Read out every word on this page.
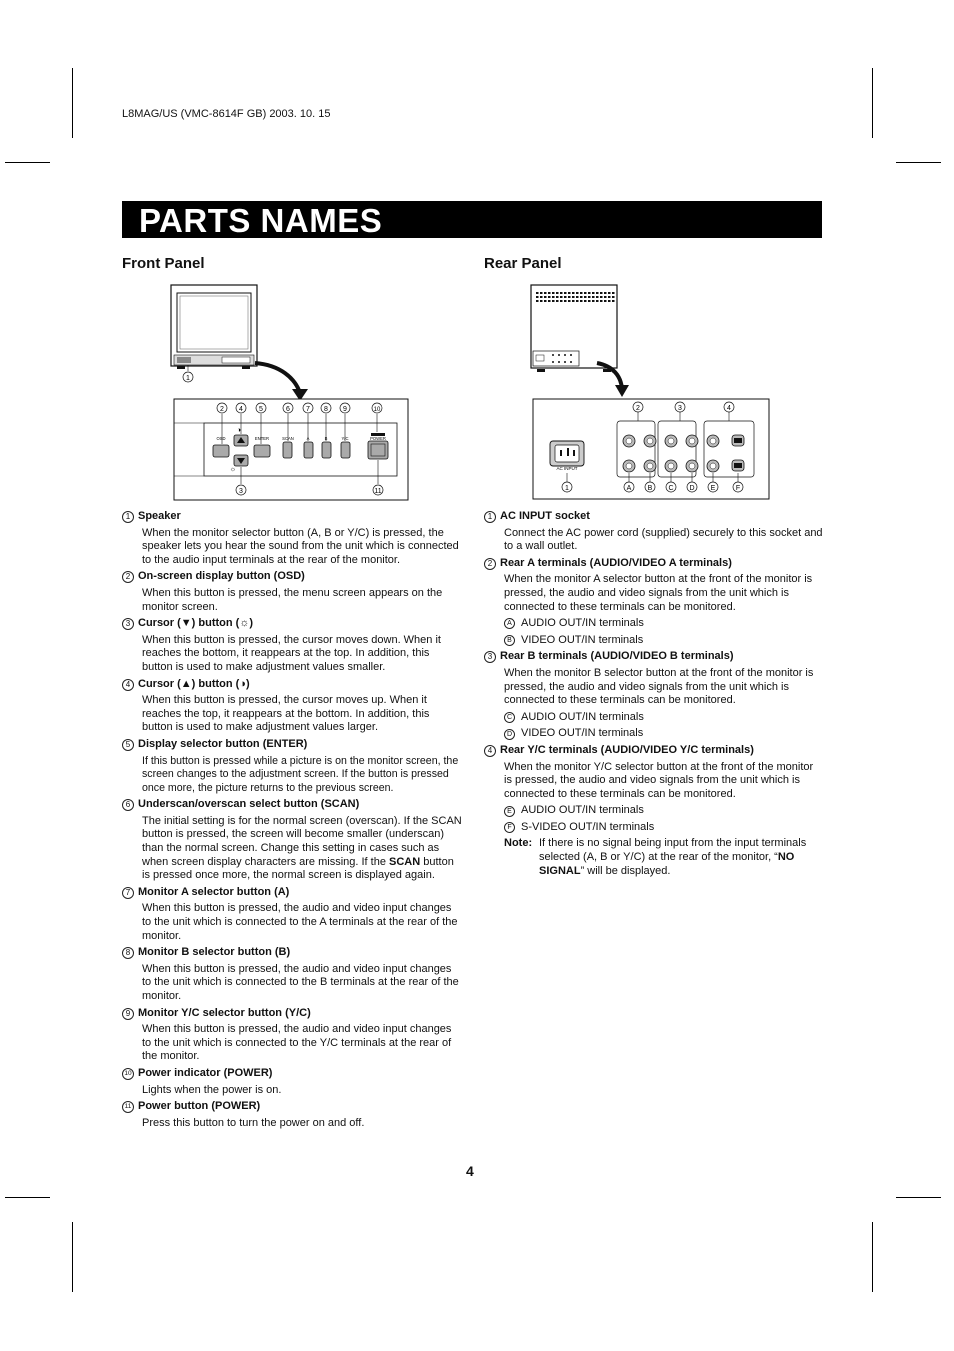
L8MAG/US (VMC-8614F GB) 2003. 10. 15
PARTS NAMES
Front Panel	Rear Panel
1
2 4 5	6 7 8 9	10
OSD	ENTER	SCAN	A	B	Y/C	POWER
◑
☼
3	11
AC INPUT
1
2	3	4
A B C D E	F
1 Speaker
When the monitor selector button (A, B or Y/C) is pressed, the speaker lets you hear the sound from the unit which is connected to the audio input terminals at the rear of the monitor.
2 On-screen display button (OSD)
When this button is pressed, the menu screen appears on the monitor screen.
3 Cursor (▼) button (☼)
When this button is pressed, the cursor moves down. When it reaches the bottom, it reappears at the top. In addition, this button is used to make adjustment values smaller.
4 Cursor (▲) button (◑)
When this button is pressed, the cursor moves up. When it reaches the top, it reappears at the bottom. In addition, this button is used to make adjustment values larger.
5 Display selector button (ENTER)
If this button is pressed while a picture is on the monitor screen, the screen changes to the adjustment screen. If the button is pressed once more, the picture returns to the previous screen.
6 Underscan/overscan select button (SCAN)
The initial setting is for the normal screen (overscan). If the SCAN button is pressed, the screen will become smaller (underscan) than the normal screen. Change this setting in cases such as when screen display characters are missing. If the SCAN button is pressed once more, the normal screen is displayed again.
7 Monitor A selector button (A)
When this button is pressed, the audio and video input changes to the unit which is connected to the A terminals at the rear of the monitor.
8 Monitor B selector button (B)
When this button is pressed, the audio and video input changes to the unit which is connected to the B terminals at the rear of the monitor.
9 Monitor Y/C selector button (Y/C)
When this button is pressed, the audio and video input changes to the unit which is connected to the Y/C terminals at the rear of the monitor.
10 Power indicator (POWER)
Lights when the power is on.
11 Power button (POWER)
Press this button to turn the power on and off.
1 AC INPUT socket
Connect the AC power cord (supplied) securely to this socket and to a wall outlet.
2 Rear A terminals (AUDIO/VIDEO A terminals)
When the monitor A selector button at the front of the monitor is pressed, the audio and video signals from the unit which is connected to these terminals can be monitored.
A AUDIO OUT/IN terminals
B VIDEO OUT/IN terminals
3 Rear B terminals (AUDIO/VIDEO B terminals)
When the monitor B selector button at the front of the monitor is pressed, the audio and video signals from the unit which is connected to these terminals can be monitored.
C AUDIO OUT/IN terminals
D VIDEO OUT/IN terminals
4 Rear Y/C terminals (AUDIO/VIDEO Y/C terminals)
When the monitor Y/C selector button at the front of the monitor is pressed, the audio and video signals from the unit which is connected to these terminals can be monitored.
E AUDIO OUT/IN terminals
F S-VIDEO OUT/IN terminals
Note: If there is no signal being input from the input terminals selected (A, B or Y/C) at the rear of the monitor, “NO SIGNAL” will be displayed.
4
